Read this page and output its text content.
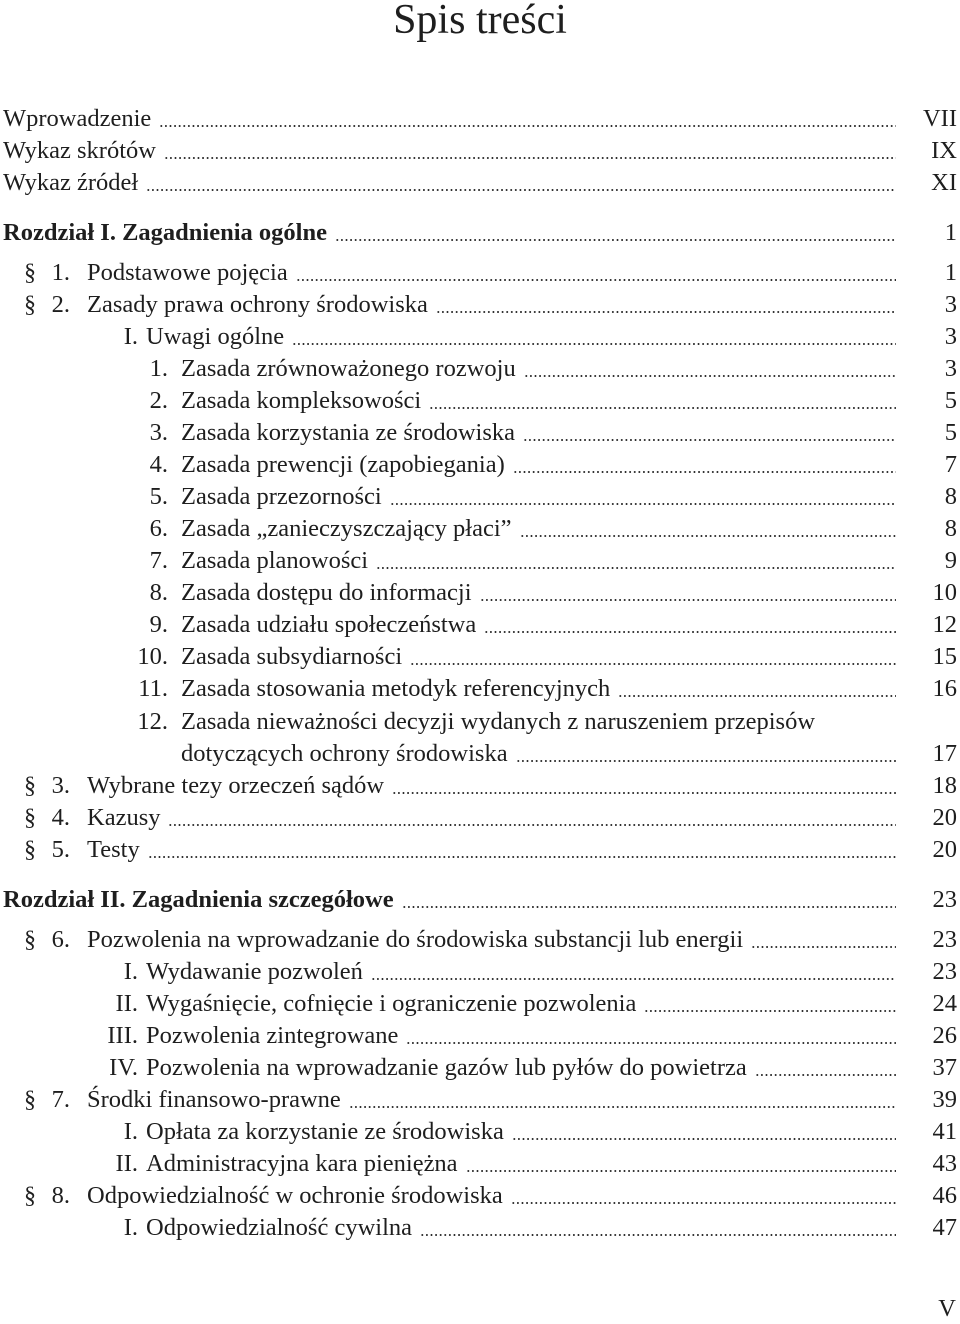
Spis treści
Wprowadzenie	VII
Wykaz skrótów	IX
Wykaz źródeł	XI
Rozdział I. Zagadnienia ogólne	1
§ 1. Podstawowe pojęcia	1
§ 2. Zasady prawa ochrony środowiska	3
I. Uwagi ogólne	3
1. Zasada zrównoważonego rozwoju	3
2. Zasada kompleksowości	5
3. Zasada korzystania ze środowiska	5
4. Zasada prewencji (zapobiegania)	7
5. Zasada przezorności	8
6. Zasada „zanieczyszczający płaci”	8
7. Zasada planowości	9
8. Zasada dostępu do informacji	10
9. Zasada udziału społeczeństwa	12
10. Zasada subsydiarności	15
11. Zasada stosowania metodyk referencyjnych	16
12. Zasada nieważności decyzji wydanych z naruszeniem przepisów
dotyczących ochrony środowiska	17
§ 3. Wybrane tezy orzeczeń sądów	18
§ 4. Kazusy	20
§ 5. Testy	20
Rozdział II. Zagadnienia szczegółowe	23
§ 6. Pozwolenia na wprowadzanie do środowiska substancji lub energii	23
I. Wydawanie pozwoleń	23
II. Wygaśnięcie, cofnięcie i ograniczenie pozwolenia	24
III. Pozwolenia zintegrowane	26
IV. Pozwolenia na wprowadzanie gazów lub pyłów do powietrza	37
§ 7. Środki finansowo-prawne	39
I. Opłata za korzystanie ze środowiska	41
II. Administracyjna kara pieniężna	43
§ 8. Odpowiedzialność w ochronie środowiska	46
I. Odpowiedzialność cywilna	47
V
